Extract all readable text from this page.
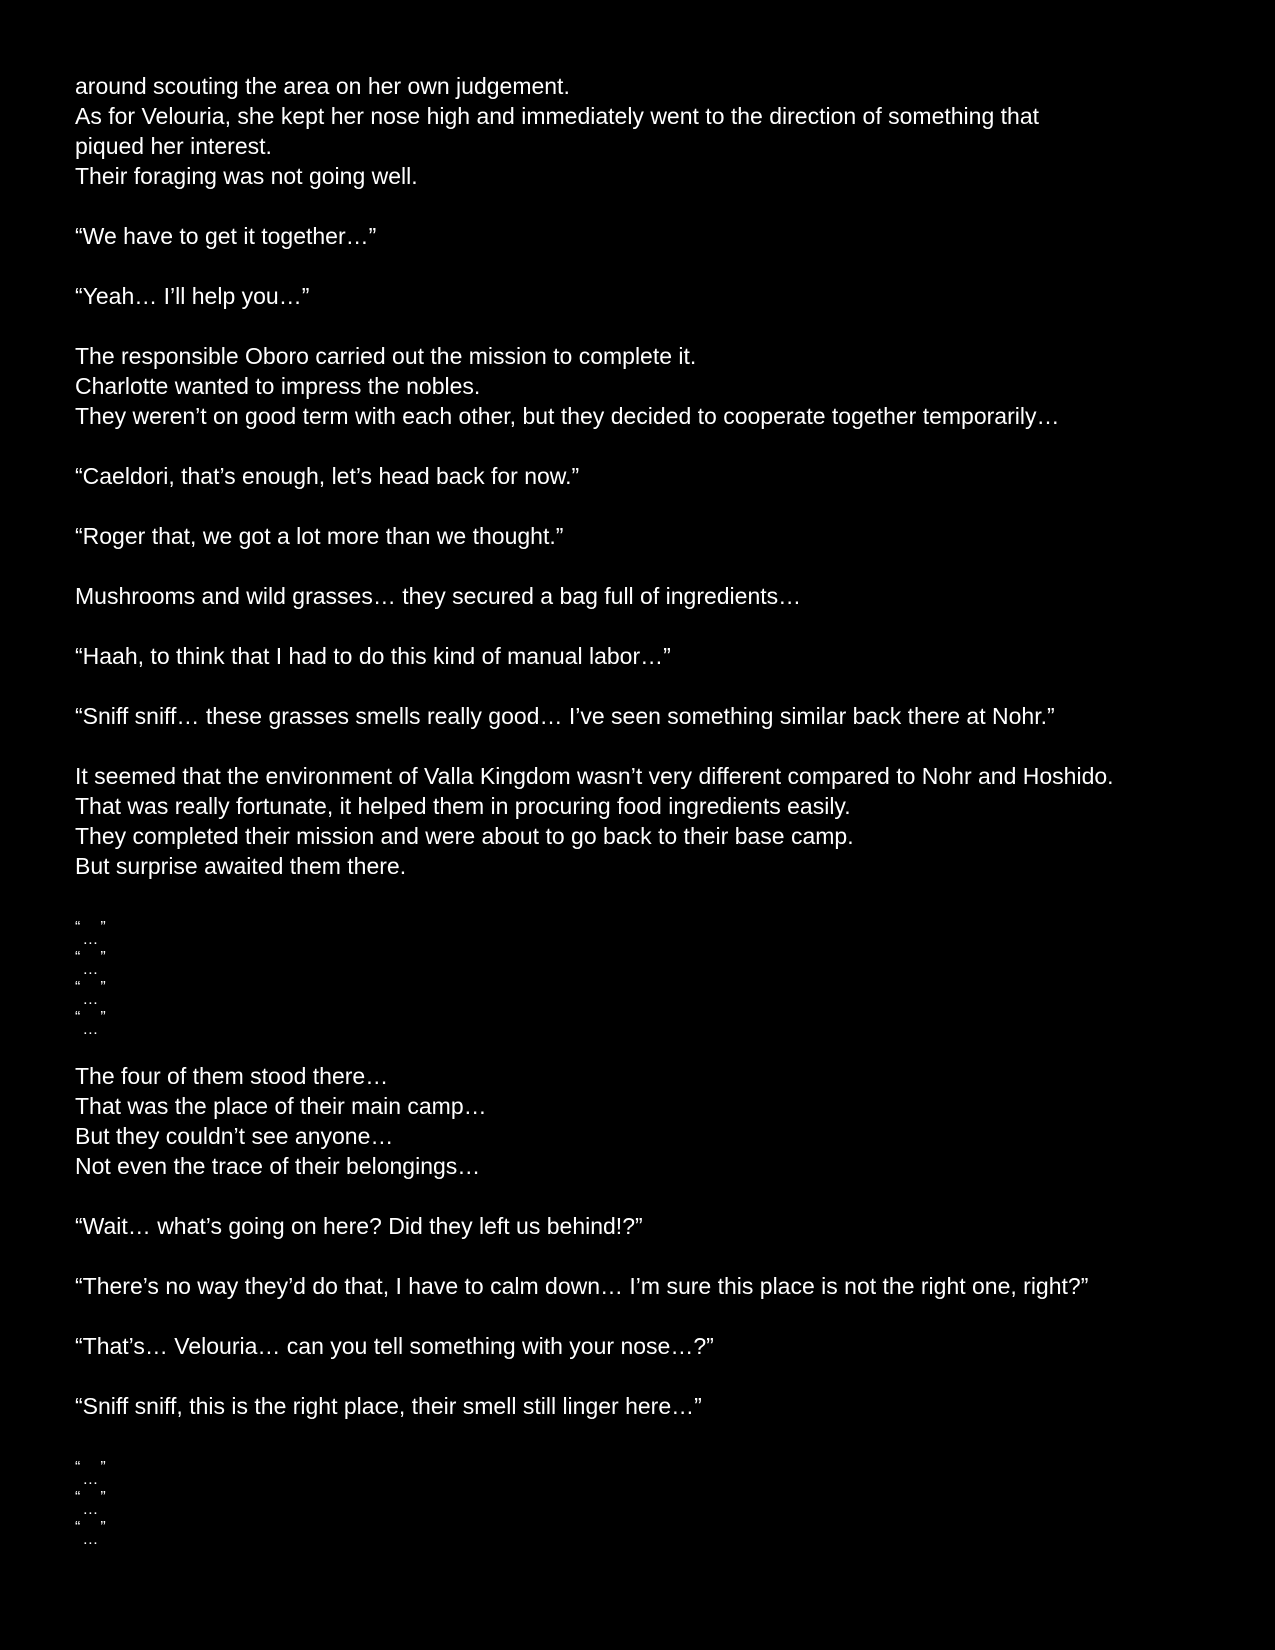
around scouting the area on her own judgement.
As for Velouria, she kept her nose high and immediately went to the direction of something that
piqued her interest.
Their foraging was not going well.
“We have to get it together…”
“Yeah… I’ll help you…”
The responsible Oboro carried out the mission to complete it.
Charlotte wanted to impress the nobles.
They weren’t on good term with each other, but they decided to cooperate together temporarily…
“Caeldori, that’s enough, let’s head back for now.”
“Roger that, we got a lot more than we thought.”
Mushrooms and wild grasses… they secured a bag full of ingredients…
“Haah, to think that I had to do this kind of manual labor…”
“Sniff sniff… these grasses smells really good… I’ve seen something similar back there at Nohr.”
It seemed that the environment of Valla Kingdom wasn’t very different compared to Nohr and Hoshido.
That was really fortunate, it helped them in procuring food ingredients easily.
They completed their mission and were about to go back to their base camp.
But surprise awaited them there.
“$_\dots$”
“$_\dots$”
“$_\dots$”
“$_\dots$”
The four of them stood there…
That was the place of their main camp…
But they couldn’t see anyone…
Not even the trace of their belongings…
“Wait… what’s going on here? Did they left us behind!?”
“There’s no way they’d do that, I have to calm down… I’m sure this place is not the right one, right?”
“That’s… Velouria… can you tell something with your nose…?”
“Sniff sniff, this is the right place, their smell still linger here…”
“$_\dots$”
“$_\dots$”
“$_\dots$”
